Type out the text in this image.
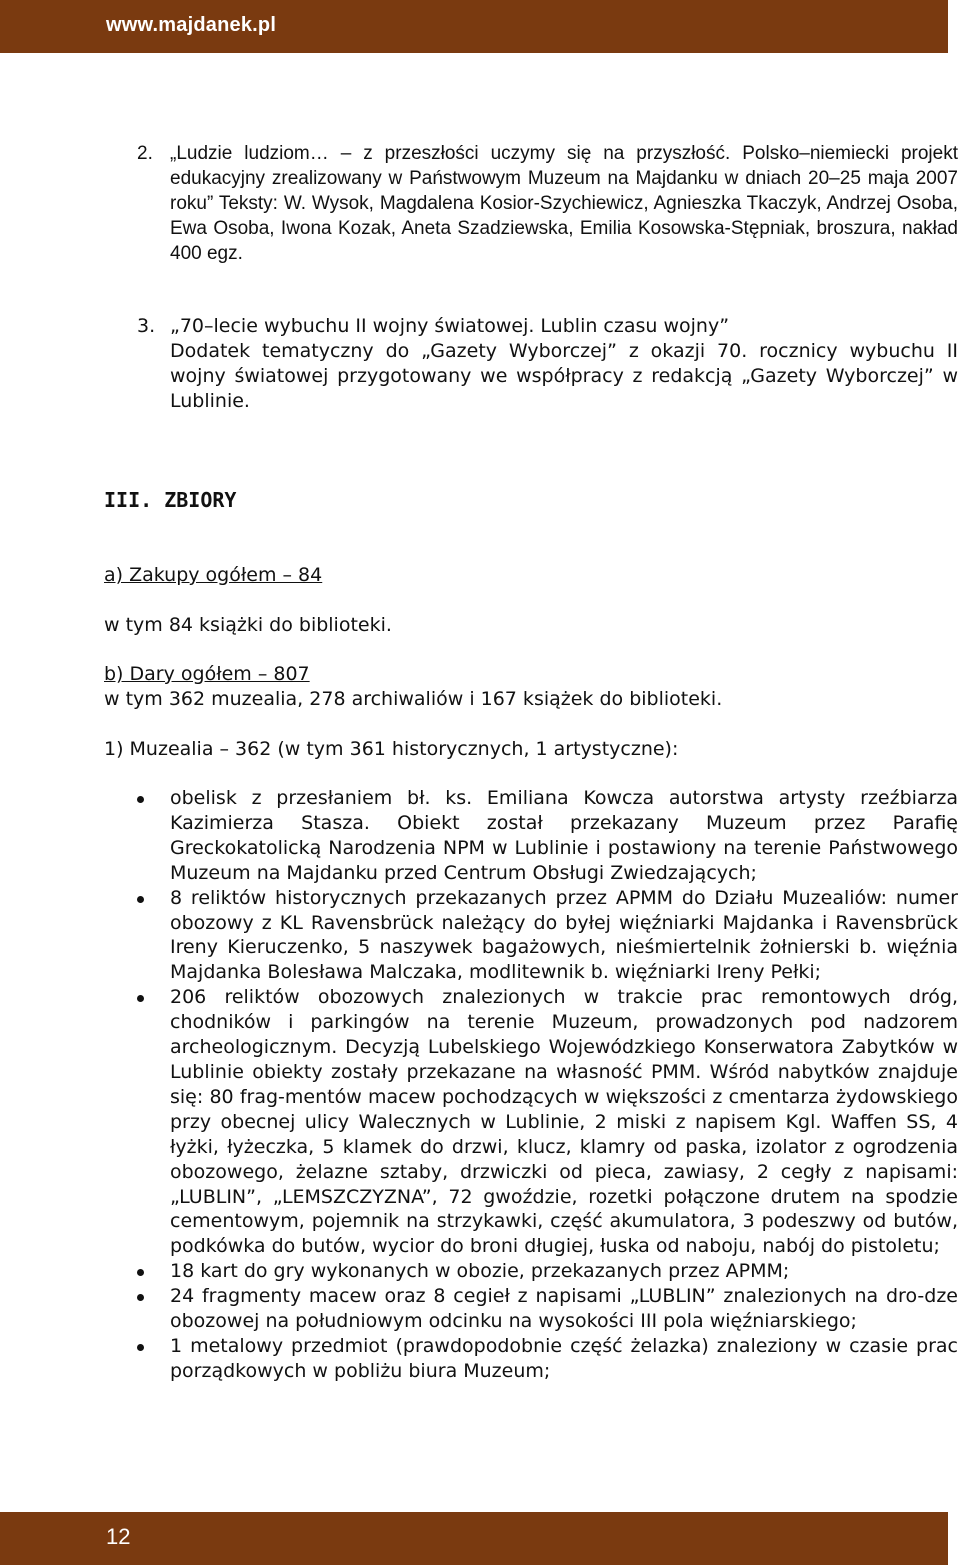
www.majdanek.pl
2. „Ludzie ludziom… – z przeszłości uczymy się na przyszłość. Polsko–niemiecki projekt edukacyjny zrealizowany w Państwowym Muzeum na Majdanku w dniach 20–25 maja 2007 roku” Teksty: W. Wysok, Magdalena Kosior-Szychiewicz, Agnieszka Tkaczyk, Andrzej Osoba, Ewa Osoba, Iwona Kozak, Aneta Szadziewska, Emilia Kosowska-Stępniak, broszura, nakład 400 egz.
3. „70–lecie wybuchu II wojny światowej. Lublin czasu wojny”
Dodatek tematyczny do „Gazety Wyborczej” z okazji 70. rocznicy wybuchu II wojny światowej przygotowany we współpracy z redakcją „Gazety Wyborczej” w Lublinie.
III. ZBIORY
a) Zakupy ogółem – 84
w tym 84 książki do biblioteki.
b) Dary ogółem – 807
w tym 362 muzealia, 278 archiwaliów i 167 książek do biblioteki.
1) Muzealia – 362 (w tym 361 historycznych, 1 artystyczne):
obelisk z przesłaniem bł. ks. Emiliana Kowcza autorstwa artysty rzeźbiarza Kazimierza Stasza. Obiekt został przekazany Muzeum przez Parafię Greckokatolicką Narodzenia NPM w Lublinie i postawiony na terenie Państwowego Muzeum na Majdanku przed Centrum Obsługi Zwiedzających;
8 reliktów historycznych przekazanych przez APMM do Działu Muzealiów: numer obozowy z KL Ravensbrück należący do byłej więźniarki Majdanka i Ravensbrück Ireny Kieruczenko, 5 naszywek bagażowych, nieśmiertelnik żołnierski b. więźnia Majdanka Bolesława Malczaka, modlitewnik b. więźniarki Ireny Pełki;
206 reliktów obozowych znalezionych w trakcie prac remontowych dróg, chodników i parkingów na terenie Muzeum, prowadzonych pod nadzorem archeologicznym. Decyzją Lubelskiego Wojewódzkiego Konserwatora Zabytków w Lublinie obiekty zostały przekazane na własność PMM. Wśród nabytków znajduje się: 80 frag-mentów macew pochodzących w większości z cmentarza żydowskiego przy obecnej ulicy Walecznych w Lublinie, 2 miski z napisem Kgl. Waffen SS, 4 łyżki, łyżeczka, 5 klamek do drzwi, klucz, klamry od paska, izolator z ogrodzenia obozowego, żelazne sztaby, drzwiczki od pieca, zawiasy, 2 cegły z napisami: „LUBLIN”, „LEMSZCZYZNA”, 72 gwoździe, rozetki połączone drutem na spodzie cementowym, pojemnik na strzykawki, część akumulatora, 3 podeszwy od butów, podkówka do butów, wycior do broni długiej, łuska od naboju, nabój do pistoletu;
18 kart do gry wykonanych w obozie, przekazanych przez APMM;
24 fragmenty macew oraz 8 cegieł z napisami „LUBLIN” znalezionych na dro-dze obozowej na południowym odcinku na wysokości III pola więźniarskiego;
1 metalowy przedmiot (prawdopodobnie część żelazka) znaleziony w czasie prac porządkowych w pobliżu biura Muzeum;
12
